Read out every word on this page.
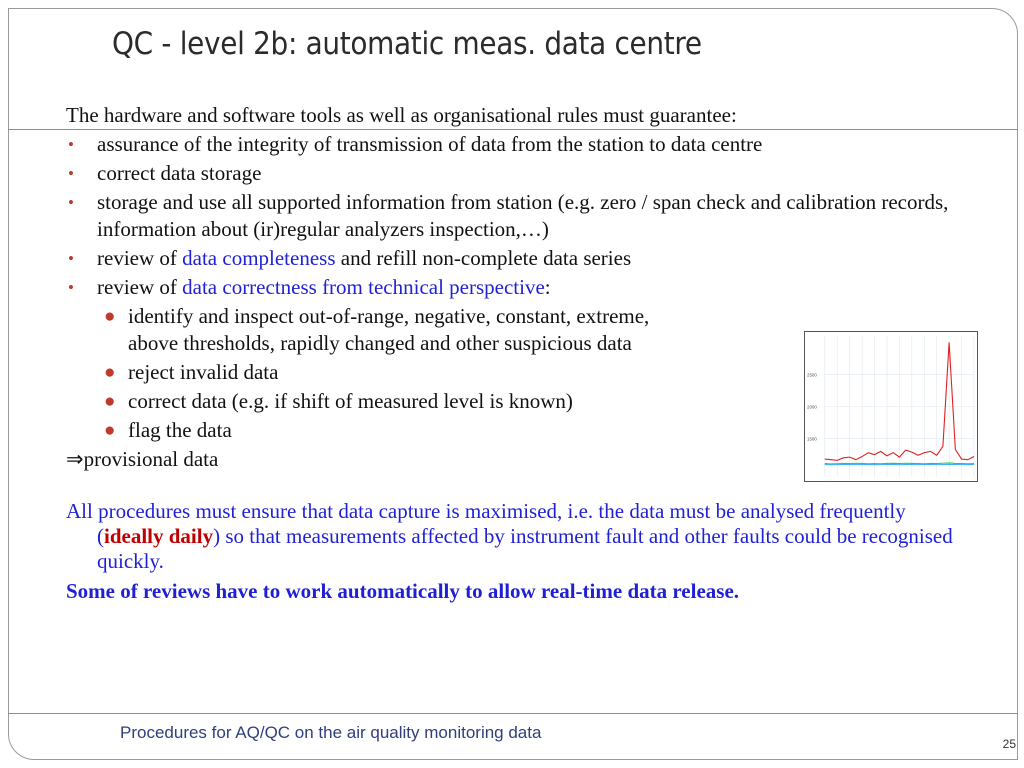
QC - level 2b: automatic meas. data centre
The hardware and software tools as well as organisational rules must guarantee:
• assurance of the integrity of transmission of data from the station to data centre
• correct data storage
• storage and use all supported information from station (e.g. zero / span check and calibration records, information about (ir)regular analyzers inspection,…)
• review of data completeness and refill non-complete data series
• review of data correctness from technical perspective:
● identify and inspect out-of-range, negative, constant, extreme,
above thresholds, rapidly changed and other suspicious data
● reject invalid data
● correct data (e.g. if shift of measured level is known)
● flag the data
⇒provisional data
All procedures must ensure that data capture is maximised, i.e. the data must be analysed frequently (ideally daily) so that measurements affected by instrument fault and other faults could be recognised quickly.
Some of reviews have to work automatically to allow real-time data release.
2500
2000
1500
Procedures for AQ/QC on the air quality monitoring data
25
